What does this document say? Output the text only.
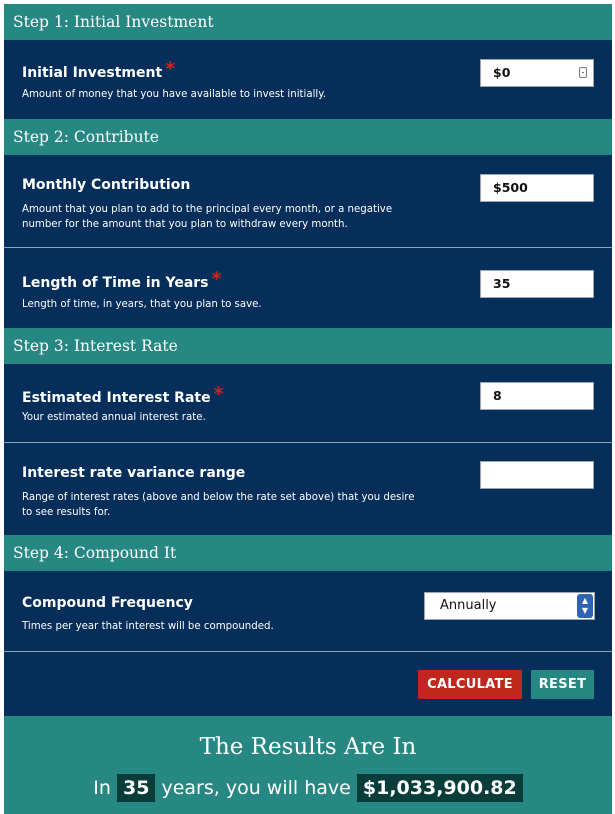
Step 1: Initial Investment
Initial Investment *
Amount of money that you have available to invest initially.
$0
Step 2: Contribute
Monthly Contribution
Amount that you plan to add to the principal every month, or a negative number for the amount that you plan to withdraw every month.
$500
Length of Time in Years *
Length of time, in years, that you plan to save.
35
Step 3: Interest Rate
Estimated Interest Rate *
Your estimated annual interest rate.
8
Interest rate variance range
Range of interest rates (above and below the rate set above) that you desire to see results for.
Step 4: Compound It
Compound Frequency
Times per year that interest will be compounded.
Annually	▲
▼
CALCULATE	RESET
The Results Are In
In 35 years, you will have $1,033,900.82
